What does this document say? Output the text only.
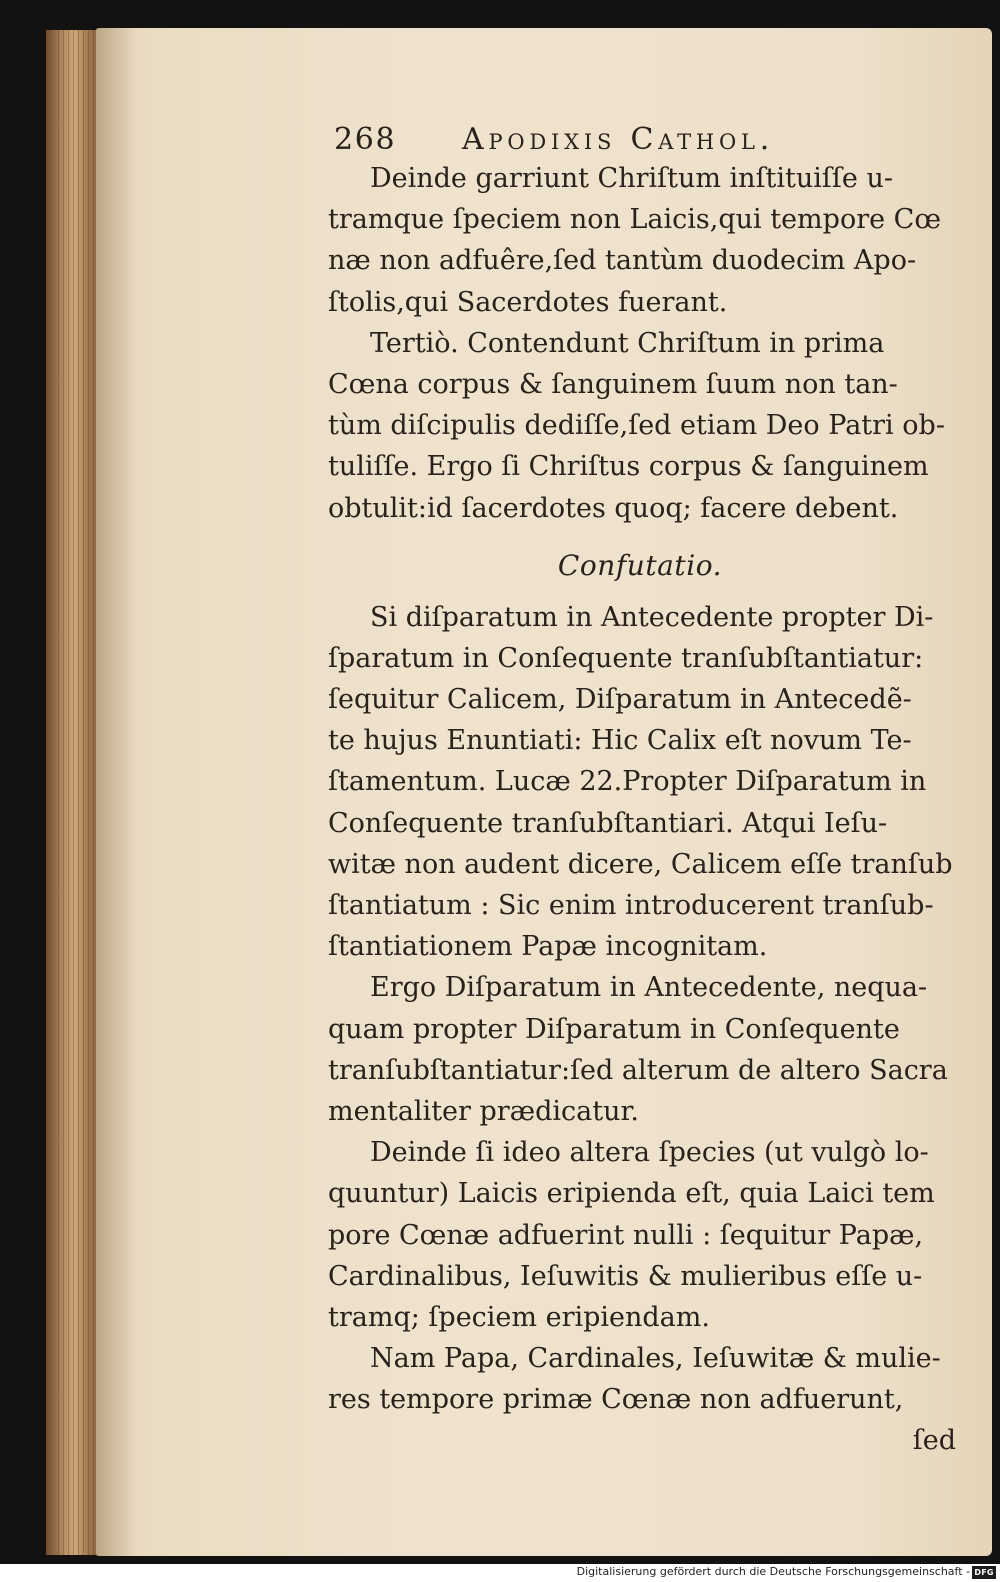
268 Apodixis Cathol.
Deinde garriunt Chriſtum inſtituiſſe u-
tramque ſpeciem non Laicis,qui tempore Cœ
næ non adfuêre,ſed tantùm duodecim Apo-
ſtolis,qui Sacerdotes fuerant.
Tertiò. Contendunt Chriſtum in prima
Cœna corpus & ſanguinem ſuum non tan-
tùm diſcipulis dediſſe,ſed etiam Deo Patri ob-
tuliſſe. Ergo ſi Chriſtus corpus & ſanguinem
obtulit:id ſacerdotes quoq; facere debent.
Confutatio.
Si diſparatum in Antecedente propter Di-
ſparatum in Conſequente tranſubſtantiatur:
ſequitur Calicem, Diſparatum in Antecedẽ-
te hujus Enuntiati: Hic Calix eſt novum Te-
ſtamentum. Lucæ 22.Propter Diſparatum in
Conſequente tranſubſtantiari. Atqui Ieſu-
witæ non audent dicere, Calicem eſſe tranſub
ſtantiatum : Sic enim introducerent tranſub-
ſtantiationem Papæ incognitam.
Ergo Diſparatum in Antecedente, nequa-
quam propter Diſparatum in Conſequente
tranſubſtantiatur:ſed alterum de altero Sacra
mentaliter prædicatur.
Deinde ſi ideo altera ſpecies (ut vulgò lo-
quuntur) Laicis eripienda eſt, quia Laici tem
pore Cœnæ adfuerint nulli : ſequitur Papæ,
Cardinalibus, Ieſuwitis & mulieribus eſſe u-
tramq; ſpeciem eripiendam.
Nam Papa, Cardinales, Ieſuwitæ & mulie-
res tempore primæ Cœnæ non adfuerunt,
ſed
Digitalisierung gefördert durch die Deutsche Forschungsgemeinschaft - DFG
